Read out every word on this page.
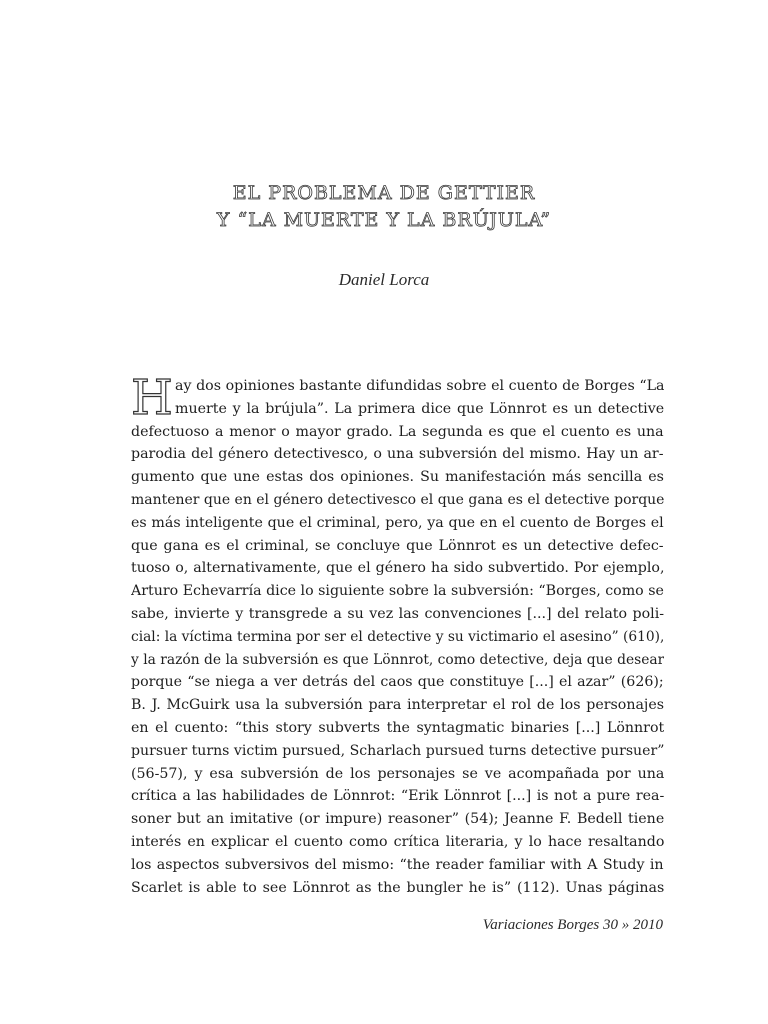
EL PROBLEMA DE GETTIER
Y “LA MUERTE Y LA BRÚJULA”
Daniel Lorca
H ay dos opiniones bastante difundidas sobre el cuento de Borges “La
muerte y la brújula”. La primera dice que Lönnrot es un detective
defectuoso a menor o mayor grado. La segunda es que el cuento es una
parodia del género detectivesco, o una subversión del mismo. Hay un ar-
gumento que une estas dos opiniones. Su manifestación más sencilla es
mantener que en el género detectivesco el que gana es el detective porque
es más inteligente que el criminal, pero, ya que en el cuento de Borges el
que gana es el criminal, se concluye que Lönnrot es un detective defec-
tuoso o, alternativamente, que el género ha sido subvertido. Por ejemplo,
Arturo Echevarría dice lo siguiente sobre la subversión: “Borges, como se
sabe, invierte y transgrede a su vez las convenciones [...] del relato poli-
cial: la víctima termina por ser el detective y su victimario el asesino” (610),
y la razón de la subversión es que Lönnrot, como detective, deja que desear
porque “se niega a ver detrás del caos que constituye [...] el azar” (626);
B. J. McGuirk usa la subversión para interpretar el rol de los personajes
en el cuento: “this story subverts the syntagmatic binaries [...] Lönnrot
pursuer turns victim pursued, Scharlach pursued turns detective pursuer”
(56-57), y esa subversión de los personajes se ve acompañada por una
crítica a las habilidades de Lönnrot: “Erik Lönnrot [...] is not a pure rea-
soner but an imitative (or impure) reasoner” (54); Jeanne F. Bedell tiene
interés en explicar el cuento como crítica literaria, y lo hace resaltando
los aspectos subversivos del mismo: “the reader familiar with A Study in
Scarlet is able to see Lönnrot as the bungler he is” (112). Unas páginas
Variaciones Borges 30 » 2010
